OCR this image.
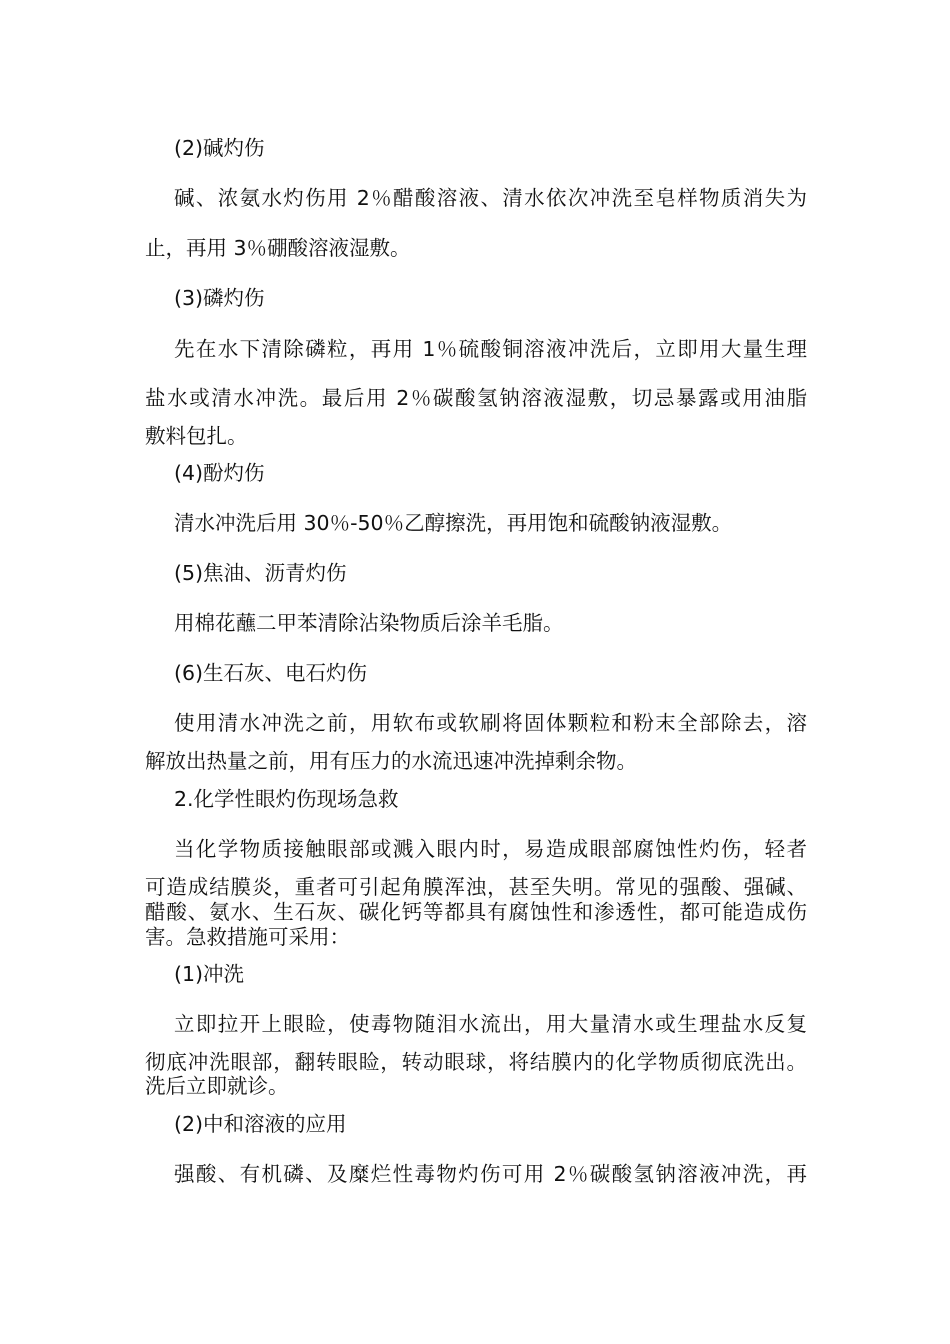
(2)碱灼伤
碱、浓氨水灼伤用 2％醋酸溶液、清水依次冲洗至皂样物质消失为
止，再用 3％硼酸溶液湿敷。
(3)磷灼伤
先在水下清除磷粒，再用 1％硫酸铜溶液冲洗后，立即用大量生理
盐水或清水冲洗。最后用 2％碳酸氢钠溶液湿敷，切忌暴露或用油脂
敷料包扎。
(4)酚灼伤
清水冲洗后用 30％-50％乙醇擦洗，再用饱和硫酸钠液湿敷。
(5)焦油、沥青灼伤
用棉花蘸二甲苯清除沾染物质后涂羊毛脂。
(6)生石灰、电石灼伤
使用清水冲洗之前，用软布或软刷将固体颗粒和粉末全部除去，溶
解放出热量之前，用有压力的水流迅速冲洗掉剩余物。
2.化学性眼灼伤现场急救
当化学物质接触眼部或溅入眼内时，易造成眼部腐蚀性灼伤，轻者
可造成结膜炎，重者可引起角膜浑浊，甚至失明。常见的强酸、强碱、
醋酸、氨水、生石灰、碳化钙等都具有腐蚀性和渗透性，都可能造成伤
害。急救措施可采用：
(1)冲洗
立即拉开上眼睑，使毒物随泪水流出，用大量清水或生理盐水反复
彻底冲洗眼部，翻转眼睑，转动眼球，将结膜内的化学物质彻底洗出。
洗后立即就诊。
(2)中和溶液的应用
强酸、有机磷、及糜烂性毒物灼伤可用 2％碳酸氢钠溶液冲洗，再
